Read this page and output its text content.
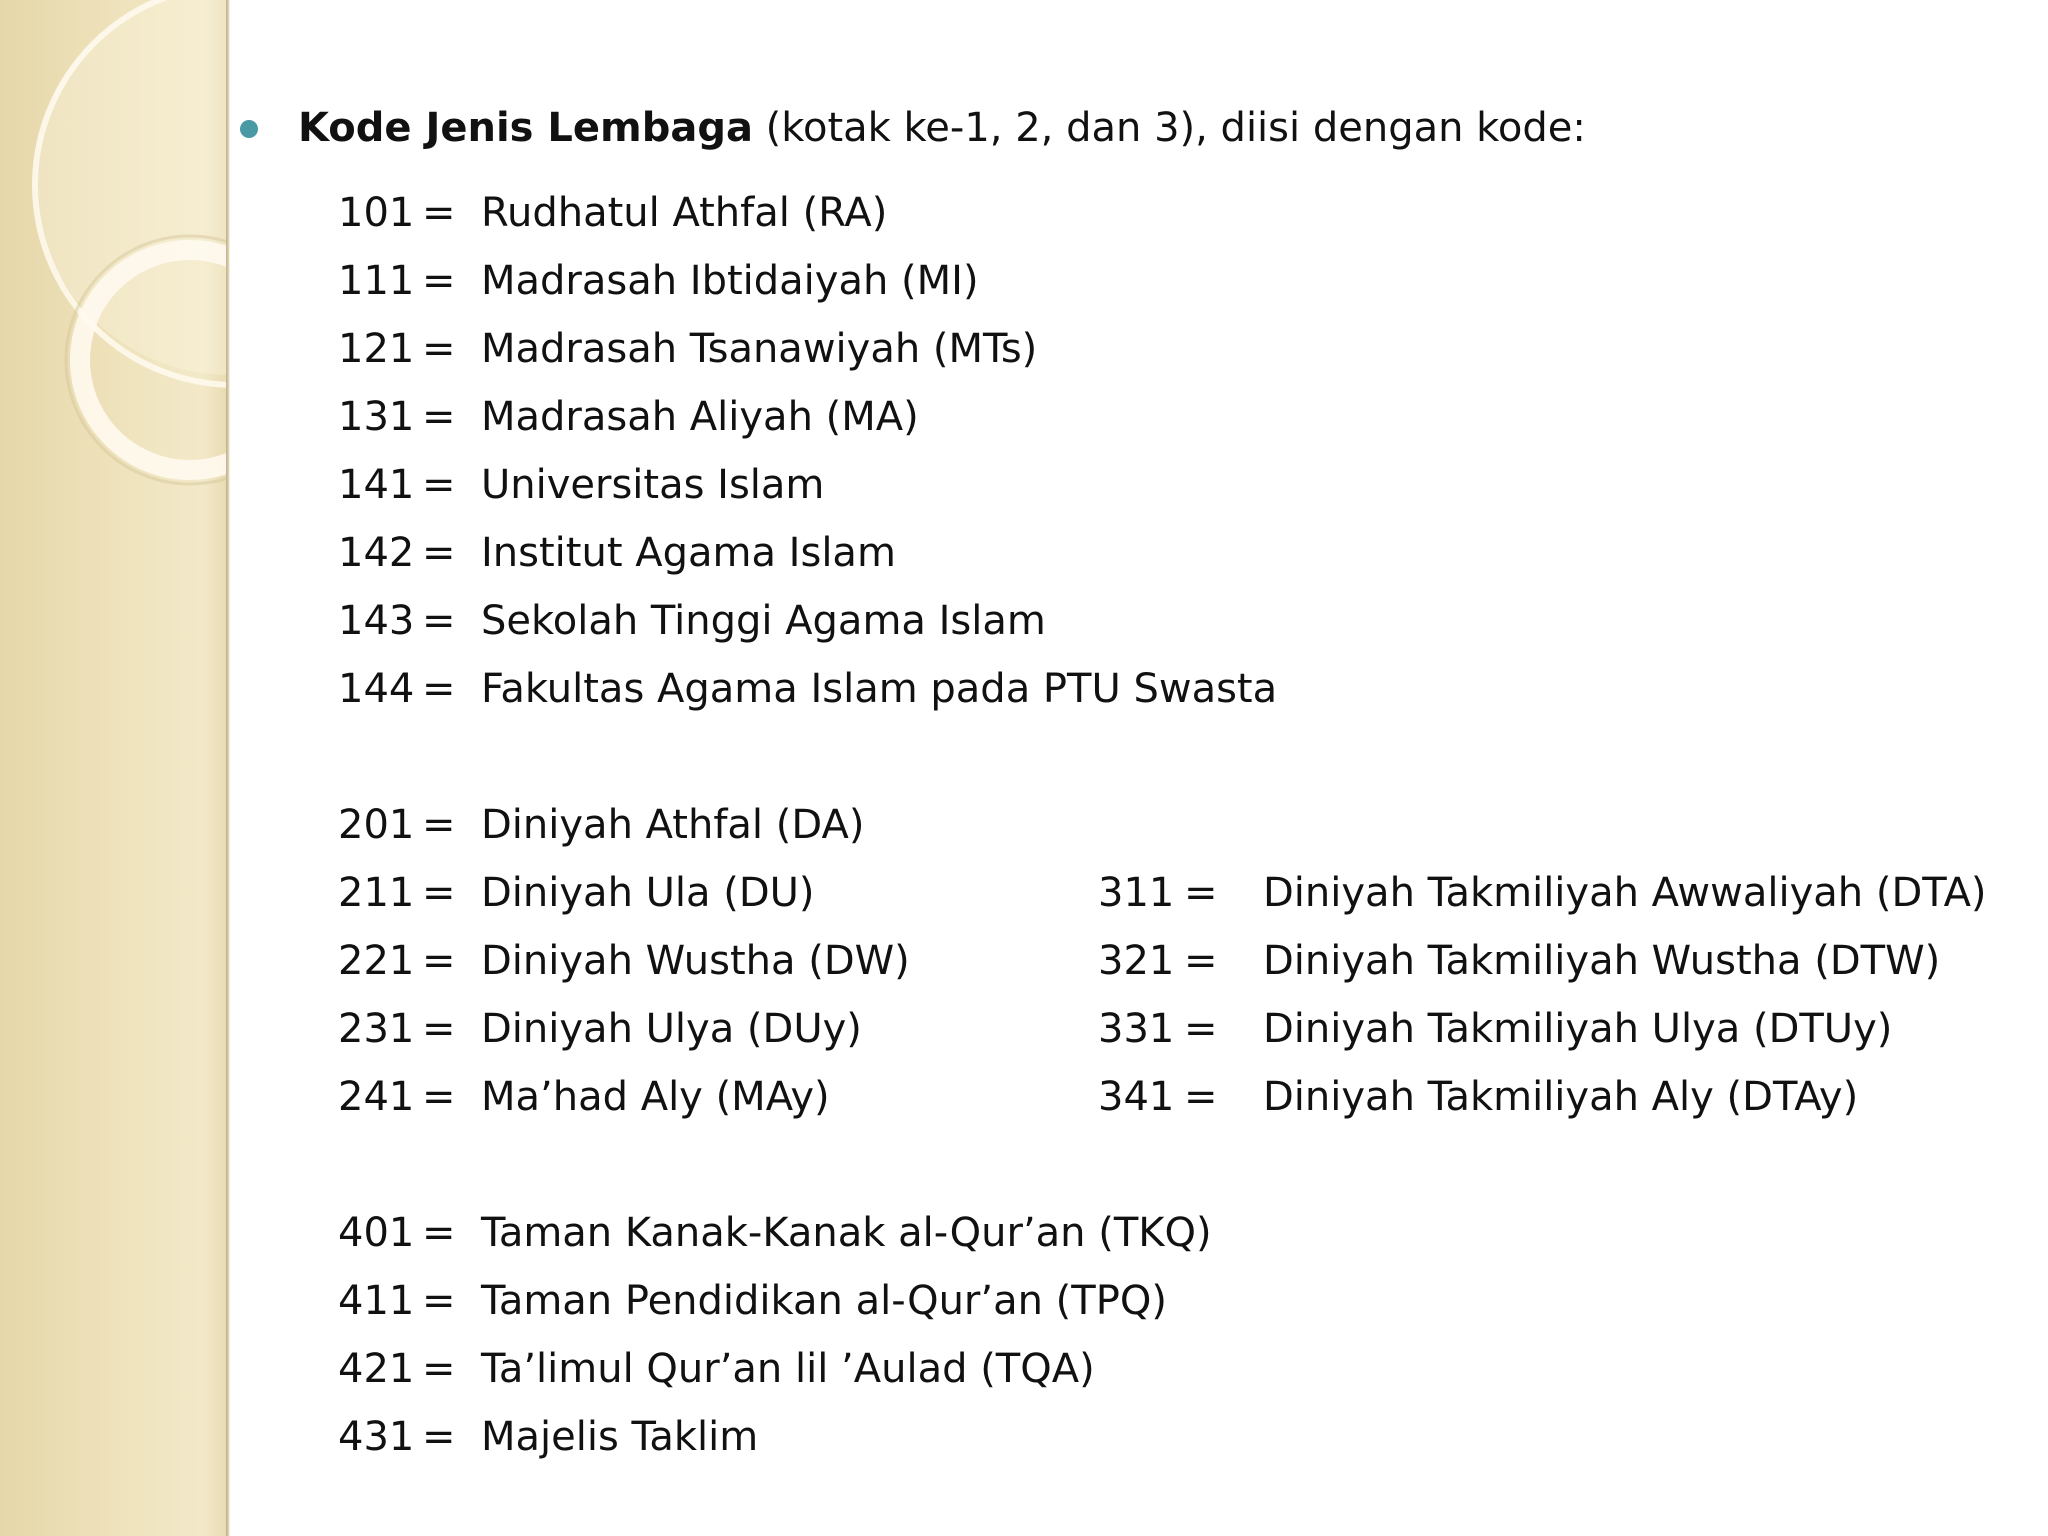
Kode Jenis Lembaga (kotak ke-1, 2, dan 3), diisi dengan kode:
101 = Rudhatul Athfal (RA)
111 = Madrasah Ibtidaiyah (MI)
121 = Madrasah Tsanawiyah (MTs)
131 = Madrasah Aliyah (MA)
141 = Universitas Islam
142 = Institut Agama Islam
143 = Sekolah Tinggi Agama Islam
144 = Fakultas Agama Islam pada PTU Swasta
201 = Diniyah Athfal (DA)
211 = Diniyah Ula (DU)
221 = Diniyah Wustha (DW)
231 = Diniyah Ulya (DUy)
241 = Ma’had Aly (MAy)
401 = Taman Kanak-Kanak al-Qur’an (TKQ)
411 = Taman Pendidikan al-Qur’an (TPQ)
421 = Ta’limul Qur’an lil ’Aulad (TQA)
431 = Majelis Taklim
311 = Diniyah Takmiliyah Awwaliyah (DTA)
321 = Diniyah Takmiliyah Wustha (DTW)
331 = Diniyah Takmiliyah Ulya (DTUy)
341 = Diniyah Takmiliyah Aly (DTAy)
